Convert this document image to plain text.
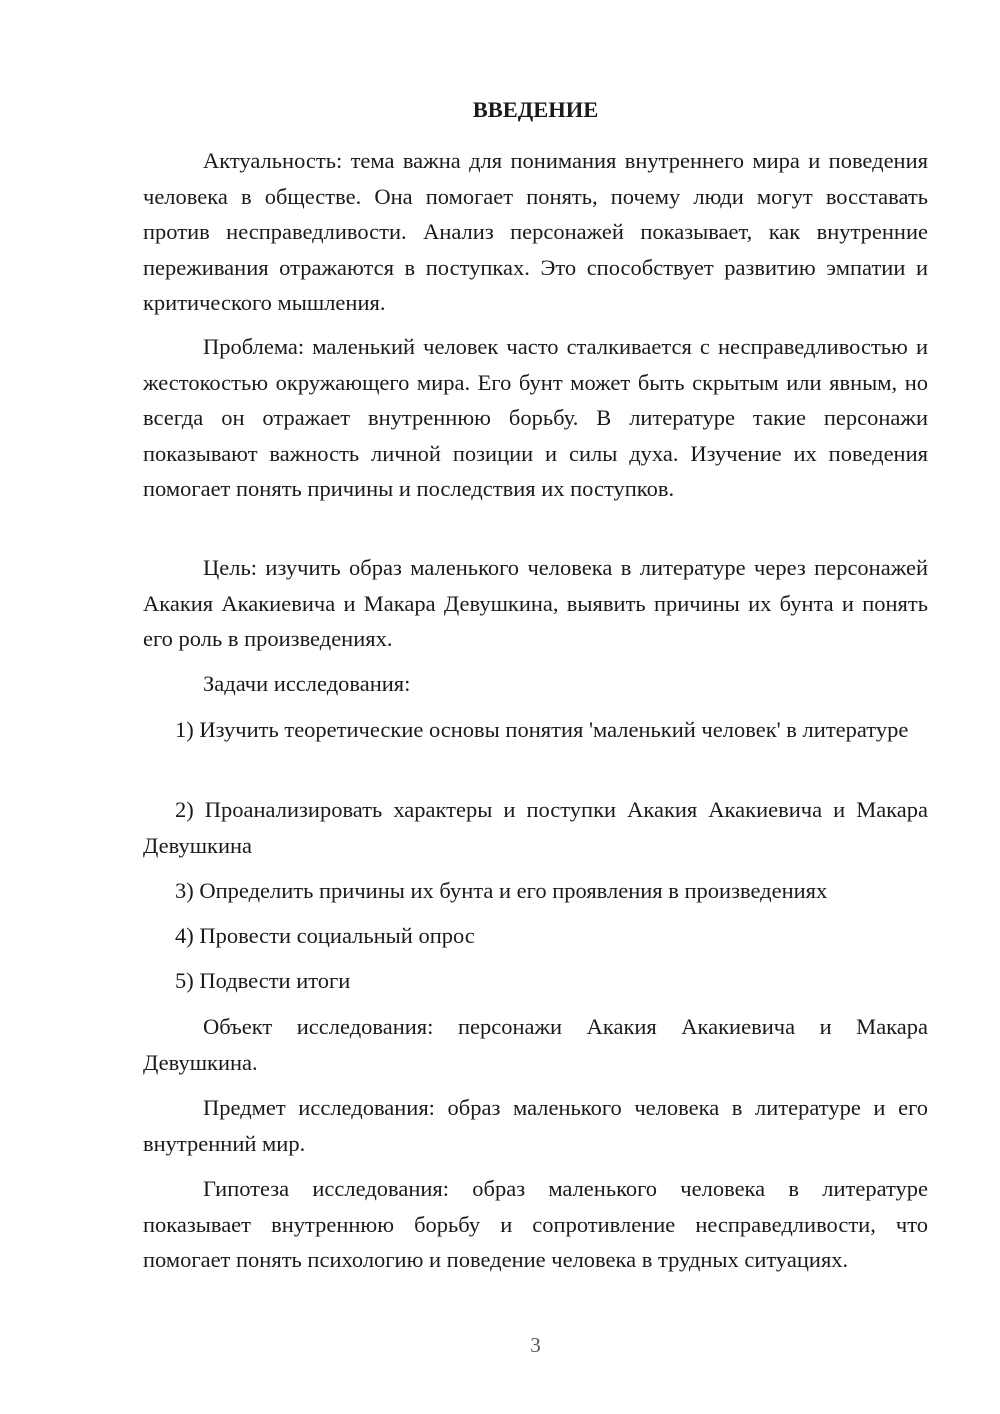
ВВЕДЕНИЕ

Актуальность: тема важна для понимания внутреннего мира и поведения человека в обществе. Она помогает понять, почему люди могут восставать против несправедливости. Анализ персонажей показывает, как внутренние переживания отражаются в поступках. Это способствует развитию эмпатии и критического мышления.

Проблема: маленький человек часто сталкивается с несправедливостью и жестокостью окружающего мира. Его бунт может быть скрытым или явным, но всегда он отражает внутреннюю борьбу. В литературе такие персонажи показывают важность личной позиции и силы духа. Изучение их поведения помогает понять причины и последствия их поступков.

Цель: изучить образ маленького человека в литературе через персонажей Акакия Акакиевича и Макара Девушкина, выявить причины их бунта и понять его роль в произведениях.

Задачи исследования:

1) Изучить теоретические основы понятия 'маленький человек' в литературе

2) Проанализировать характеры и поступки Акакия Акакиевича и Макара Девушкина

3) Определить причины их бунта и его проявления в произведениях

4) Провести социальный опрос

5) Подвести итоги

Объект исследования: персонажи Акакия Акакиевича и Макара Девушкина.

Предмет исследования: образ маленького человека в литературе и его внутренний мир.

Гипотеза исследования: образ маленького человека в литературе показывает внутреннюю борьбу и сопротивление несправедливости, что помогает понять психологию и поведение человека в трудных ситуациях.

3
